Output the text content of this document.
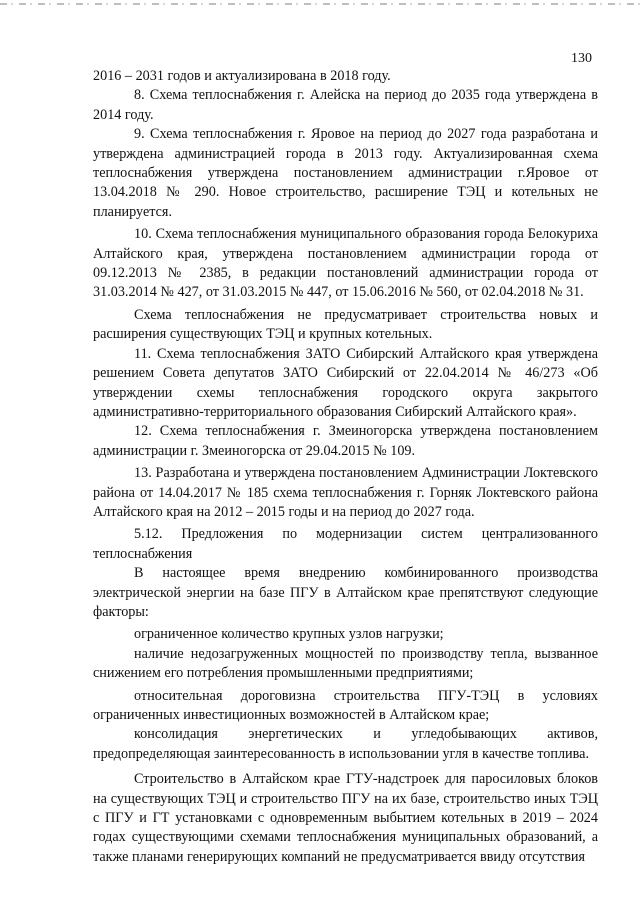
130

2016 – 2031 годов и актуализирована в 2018 году.

8. Схема теплоснабжения г. Алейска на период до 2035 года утверждена в 2014 году.

9. Схема теплоснабжения г. Яровое на период до 2027 года разработана и утверждена администрацией города в 2013 году. Актуализированная схема теплоснабжения утверждена постановлением администрации г.Яровое от 13.04.2018 № 290. Новое строительство, расширение ТЭЦ и котельных не планируется.

10. Схема теплоснабжения муниципального образования города Белокуриха Алтайского края, утверждена постановлением администрации города от 09.12.2013 № 2385, в редакции постановлений администрации города от 31.03.2014 № 427, от 31.03.2015 № 447, от 15.06.2016 № 560, от 02.04.2018 № 31.

Схема теплоснабжения не предусматривает строительства новых и расширения существующих ТЭЦ и крупных котельных.

11. Схема теплоснабжения ЗАТО Сибирский Алтайского края утверждена решением Совета депутатов ЗАТО Сибирский от 22.04.2014 № 46/273 «Об утверждении схемы теплоснабжения городского округа закрытого административно-территориального образования Сибирский Алтайского края».

12. Схема теплоснабжения г. Змеиногорска утверждена постановлением администрации г. Змеиногорска от 29.04.2015 № 109.

13. Разработана и утверждена постановлением Администрации Локтевского района от 14.04.2017 № 185 схема теплоснабжения г. Горняк Локтевского района Алтайского края на 2012 – 2015 годы и на период до 2027 года.

5.12. Предложения по модернизации систем централизованного теплоснабжения

В настоящее время внедрению комбинированного производства электрической энергии на базе ПГУ в Алтайском крае препятствуют следующие факторы:

ограниченное количество крупных узлов нагрузки;

наличие недозагруженных мощностей по производству тепла, вызванное снижением его потребления промышленными предприятиями;

относительная дороговизна строительства ПГУ-ТЭЦ в условиях ограниченных инвестиционных возможностей в Алтайском крае;

консолидация энергетических и угледобывающих активов, предопределяющая заинтересованность в использовании угля в качестве топлива.

Строительство в Алтайском крае ГТУ-надстроек для паросиловых блоков на существующих ТЭЦ и строительство ПГУ на их базе, строительство иных ТЭЦ с ПГУ и ГТ установками с одновременным выбытием котельных в 2019 – 2024 годах существующими схемами теплоснабжения муниципальных образований, а также планами генерирующих компаний не предусматривается ввиду отсутствия
